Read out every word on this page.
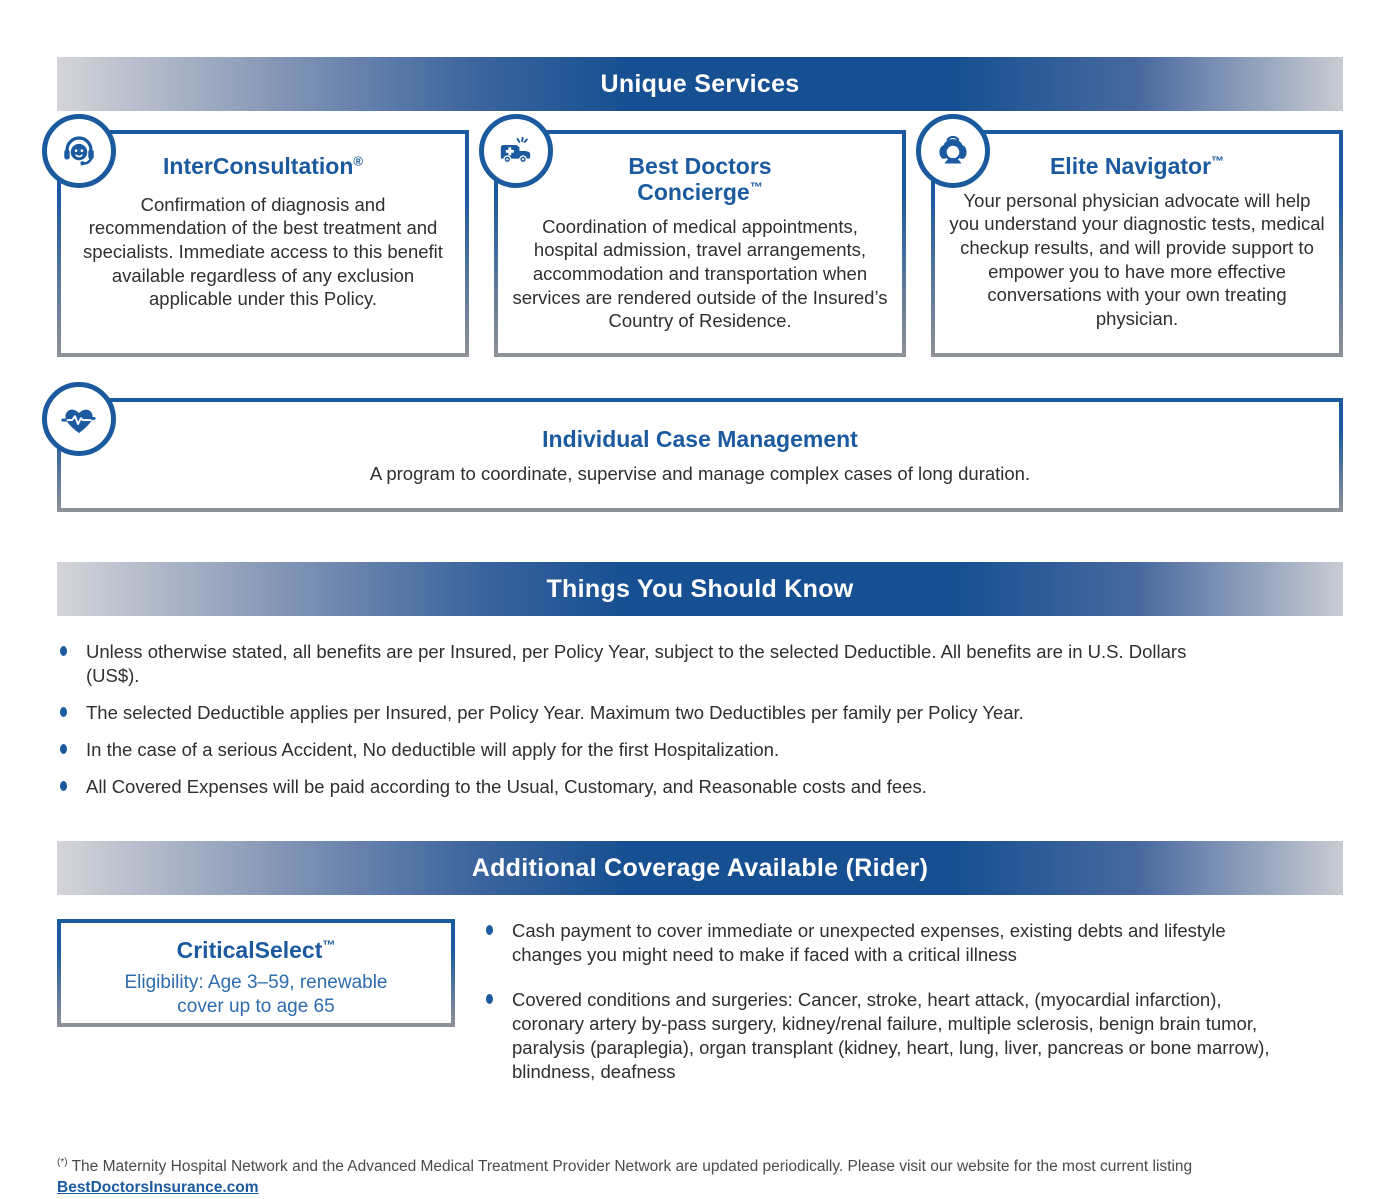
Unique Services
InterConsultation®
Confirmation of diagnosis and recommendation of the best treatment and specialists. Immediate access to this benefit available regardless of any exclusion applicable under this Policy.
Best Doctors Concierge™
Coordination of medical appointments, hospital admission, travel arrangements, accommodation and transportation when services are rendered outside of the Insured’s Country of Residence.
Elite Navigator™
Your personal physician advocate will help you understand your diagnostic tests, medical checkup results, and will provide support to empower you to have more effective conversations with your own treating physician.
Individual Case Management
A program to coordinate, supervise and manage complex cases of long duration.
Things You Should Know
Unless otherwise stated, all benefits are per Insured, per Policy Year, subject to the selected Deductible. All benefits are in U.S. Dollars (US$).
The selected Deductible applies per Insured, per Policy Year. Maximum two Deductibles per family per Policy Year.
In the case of a serious Accident, No deductible will apply for the first Hospitalization.
All Covered Expenses will be paid according to the Usual, Customary, and Reasonable costs and fees.
Additional Coverage Available (Rider)
CriticalSelect™
Eligibility: Age 3–59, renewable cover up to age 65
Cash payment to cover immediate or unexpected expenses, existing debts and lifestyle changes you might need to make if faced with a critical illness
Covered conditions and surgeries: Cancer, stroke, heart attack, (myocardial infarction), coronary artery by-pass surgery, kidney/renal failure, multiple sclerosis, benign brain tumor, paralysis (paraplegia), organ transplant (kidney, heart, lung, liver, pancreas or bone marrow), blindness, deafness
(*) The Maternity Hospital Network and the Advanced Medical Treatment Provider Network are updated periodically. Please visit our website for the most current listing BestDoctorsInsurance.com
